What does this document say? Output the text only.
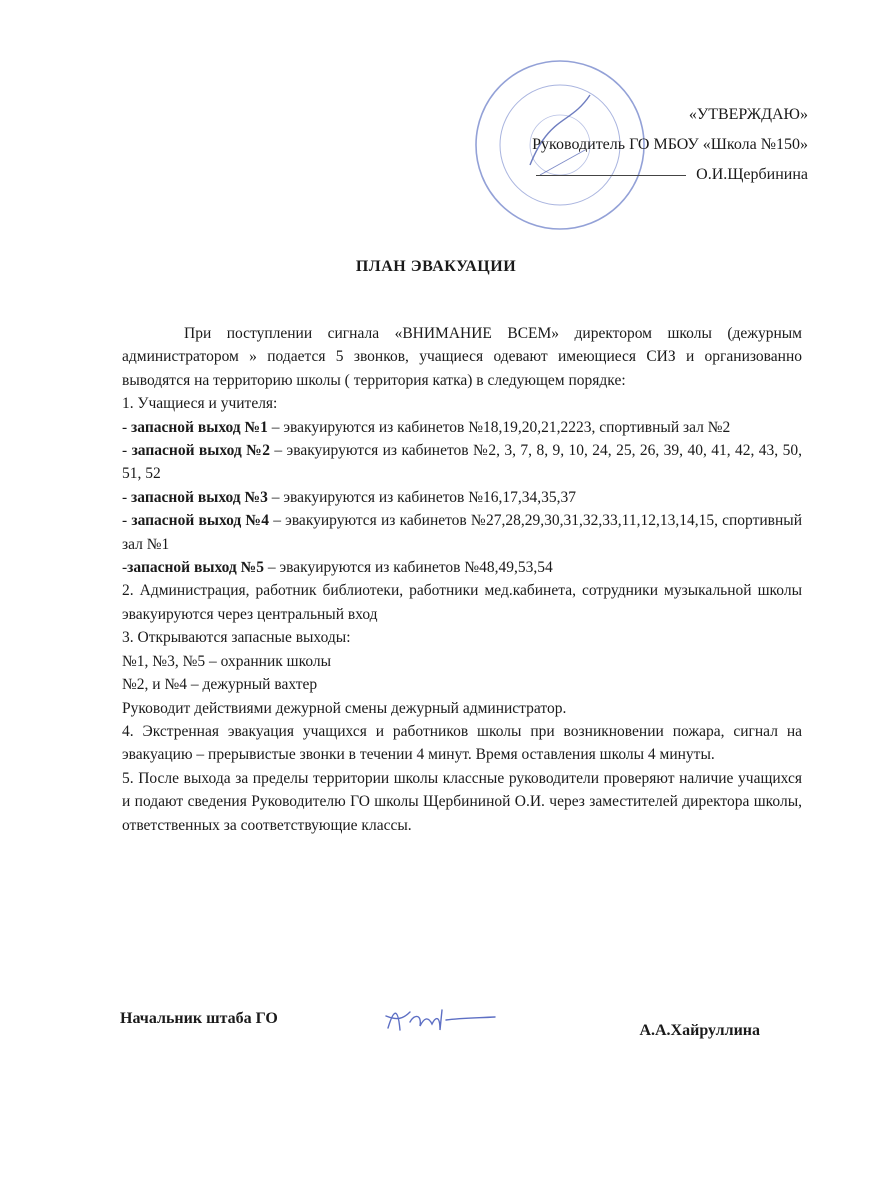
«УТВЕРЖДАЮ»
Руководитель ГО МБОУ «Школа №150»
О.И.Щербинина
ПЛАН ЭВАКУАЦИИ

При поступлении сигнала «ВНИМАНИЕ ВСЕМ» директором школы (дежурным администратором » подается 5 звонков, учащиеся одевают имеющиеся СИЗ и организованно выводятся на территорию школы ( территория катка) в следующем порядке:

1. Учащиеся и учителя:

- запасной выход №1 – эвакуируются из кабинетов №18,19,20,21,2223, спортивный зал №2

- запасной выход №2 – эвакуируются из кабинетов №2, 3, 7, 8, 9, 10, 24, 25, 26, 39, 40, 41, 42, 43, 50, 51, 52

- запасной выход №3 – эвакуируются из кабинетов №16,17,34,35,37

- запасной выход №4 – эвакуируются из кабинетов №27,28,29,30,31,32,33,11,12,13,14,15, спортивный зал №1

-запасной выход №5 – эвакуируются из кабинетов №48,49,53,54

2. Администрация, работник библиотеки, работники мед.кабинета, сотрудники музыкальной школы эвакуируются через центральный вход

3. Открываются запасные выходы:

№1, №3, №5 – охранник школы

№2, и №4 – дежурный вахтер

Руководит действиями дежурной смены дежурный администратор.

4. Экстренная эвакуация учащихся и работников школы при возникновении пожара, сигнал на эвакуацию – прерывистые звонки в течении 4 минут. Время оставления школы 4 минуты.

5. После выхода за пределы территории школы классные руководители проверяют наличие учащихся и подают сведения Руководителю ГО школы Щербининой О.И. через заместителей директора школы, ответственных за соответствующие классы.

Начальник штаба ГО
А.А.Хайруллина
